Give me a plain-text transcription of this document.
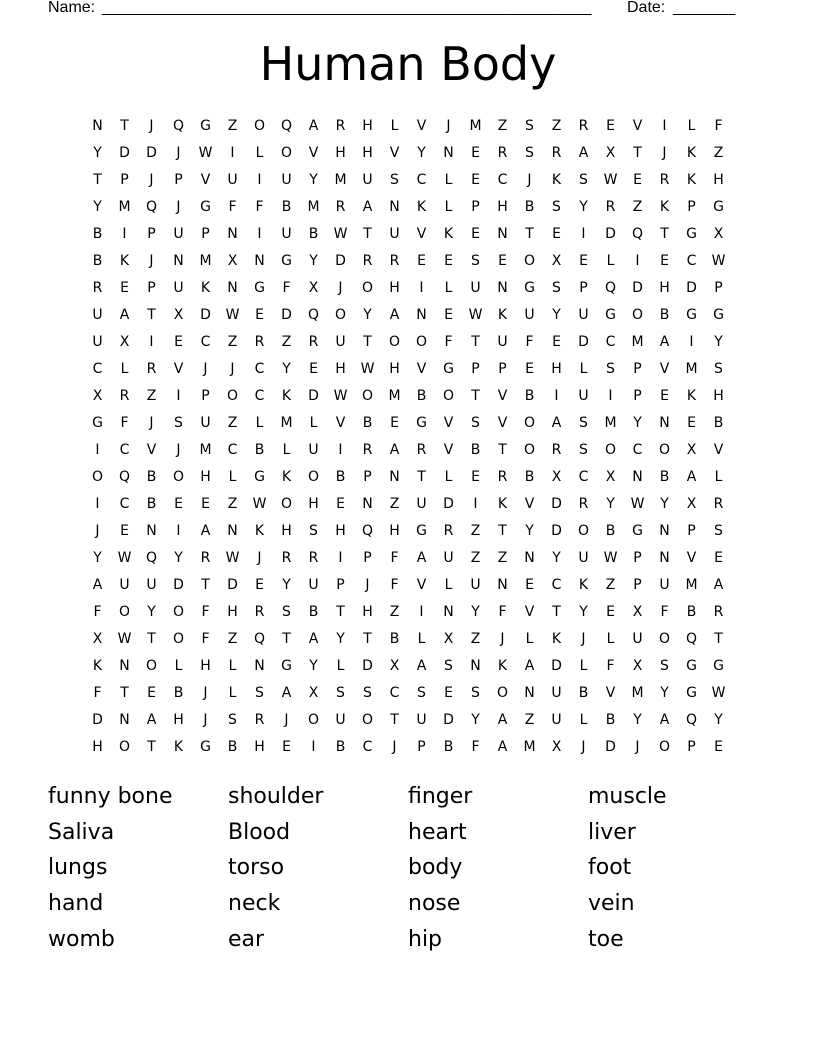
Name: _______________________________________________________ Date: _______
Human Body
N	T	J	Q	G	Z	O	Q	A	R	H	L	V	J	M	Z	S	Z	R	E	V	I	L	F
Y	D	D	J	W	I	L	O	V	H	H	V	Y	N	E	R	S	R	A	X	T	J	K	Z
T	P	J	P	V	U	I	U	Y	M	U	S	C	L	E	C	J	K	S	W	E	R	K	H
Y	M	Q	J	G	F	F	B	M	R	A	N	K	L	P	H	B	S	Y	R	Z	K	P	G
B	I	P	U	P	N	I	U	B	W	T	U	V	K	E	N	T	E	I	D	Q	T	G	X
B	K	J	N	M	X	N	G	Y	D	R	R	E	E	S	E	O	X	E	L	I	E	C	W
R	E	P	U	K	N	G	F	X	J	O	H	I	L	U	N	G	S	P	Q	D	H	D	P
U	A	T	X	D	W	E	D	Q	O	Y	A	N	E	W	K	U	Y	U	G	O	B	G	G
U	X	I	E	C	Z	R	Z	R	U	T	O	O	F	T	U	F	E	D	C	M	A	I	Y
C	L	R	V	J	J	C	Y	E	H	W	H	V	G	P	P	E	H	L	S	P	V	M	S
X	R	Z	I	P	O	C	K	D	W	O	M	B	O	T	V	B	I	U	I	P	E	K	H
G	F	J	S	U	Z	L	M	L	V	B	E	G	V	S	V	O	A	S	M	Y	N	E	B
I	C	V	J	M	C	B	L	U	I	R	A	R	V	B	T	O	R	S	O	C	O	X	V
O	Q	B	O	H	L	G	K	O	B	P	N	T	L	E	R	B	X	C	X	N	B	A	L
I	C	B	E	E	Z	W	O	H	E	N	Z	U	D	I	K	V	D	R	Y	W	Y	X	R
J	E	N	I	A	N	K	H	S	H	Q	H	G	R	Z	T	Y	D	O	B	G	N	P	S
Y	W	Q	Y	R	W	J	R	R	I	P	F	A	U	Z	Z	N	Y	U	W	P	N	V	E
A	U	U	D	T	D	E	Y	U	P	J	F	V	L	U	N	E	C	K	Z	P	U	M	A
F	O	Y	O	F	H	R	S	B	T	H	Z	I	N	Y	F	V	T	Y	E	X	F	B	R
X	W	T	O	F	Z	Q	T	A	Y	T	B	L	X	Z	J	L	K	J	L	U	O	Q	T
K	N	O	L	H	L	N	G	Y	L	D	X	A	S	N	K	A	D	L	F	X	S	G	G
F	T	E	B	J	L	S	A	X	S	S	C	S	E	S	O	N	U	B	V	M	Y	G	W
D	N	A	H	J	S	R	J	O	U	O	T	U	D	Y	A	Z	U	L	B	Y	A	Q	Y
H	O	T	K	G	B	H	E	I	B	C	J	P	B	F	A	M	X	J	D	J	O	P	E
funny bone	shoulder	finger	muscle
Saliva	Blood	heart	liver
lungs	torso	body	foot
hand	neck	nose	vein
womb	ear	hip	toe
